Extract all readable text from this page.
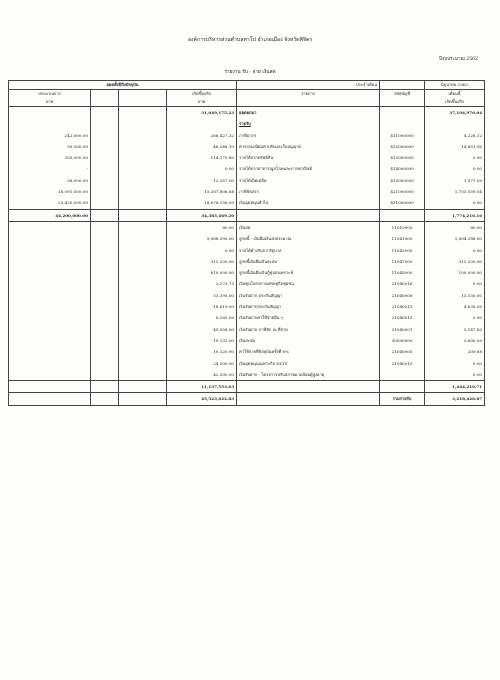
องค์การบริหารส่วนตำบลท่าโป อำเภอเมือง จังหวัดพิจิตร
ปีงบประมาณ 2562
รายงาน รับ - จ่าย เงินสด
ยอดตั้งปีถึงปัจจุบัน				ประจำเดือน		มิถุนายน 2562
ประมาณการ			เกิดขึ้นจริง	รายการ	รหัสบัญชี	เดือนนี้
บาท			บาท			เกิดขึ้นจริง
			31,049,175.23	ยอดยกมา		37,194,976.04
				รายรับ		
242,000.00			266,427.32	ภาษีอากร	411000000	4,228.12
90,500.00			46,548.10	ค่าธรรมเนียมค่าปรับและใบอนุญาต	412000000	14,851.56
350,000.00			114,173.80	รายได้จากทรัพย์สิน	413000000	0.00
-			0.00	รายได้จากสาธารณูปโภคและการพาณิชย์	414000000	0.00
36,000.00			12,357.00	รายได้เบ็ดเตล็ด	415000000	1,577.00
18,091,500.00			15,267,806.88	ภาษีจัดสรร	421000000	1,753,559.54
25,420,000.00			18,678,156.00	เงินอุดหนุนทั่วไป	431000000	0.00
44,200,000.00			34,385,469.20			1,774,216.16
			80.00	เงินสด	11010000	80.00
			9,988,593.00	ลูกหนี้ - เงินยืมเงินงบประมาณ	11041000	1,004,188.00
			0.00	รายได้ค้างรับจากรัฐบาล	11042000	0.00
			311,200.00	ลูกหนี้เงินยืมเงินสะสม	11047000	311,200.00
			610,000.00	ลูกหนี้เงินยืมเงินกู้ทุนสงเคราะห์	11045000	100,000.00
			3,273.73	เงินทุนโครงการเศรษฐกิจชุมชน	21040016	0.00
			53,395.00	เงินรับฝาก ประกันสัญญา	21040008	13,150.00
			18,619.00	เงินรับฝากประกันสัญญา	21040013	4,635.00
			6,183.00	เงินรับฝากค่าใช้จ่ายอื่น ๆ	21040015	0.00
			49,558.00	เงินรับฝาก ภาษีหัก ณ ที่จ่าย	21040001	5,147.83
			19,131.00	เงินสะสม	30000000	5,600.00
			10,320.90	ค่าใช้จ่ายที่ปัจจุบันครั้งที่ 6%	21040005	209.88
			24,500.00	เงินอุดหนุนเฉพาะกิจ DLTV	21040015	0.00
			42,500.00	เงินรับฝาก - โครงการปรับสภาพแวดล้อมผู้สูงอายุ		0.00
			11,137,553.63			1,444,210.71
			45,523,022.83		รวมรายรับ	3,218,426.87
